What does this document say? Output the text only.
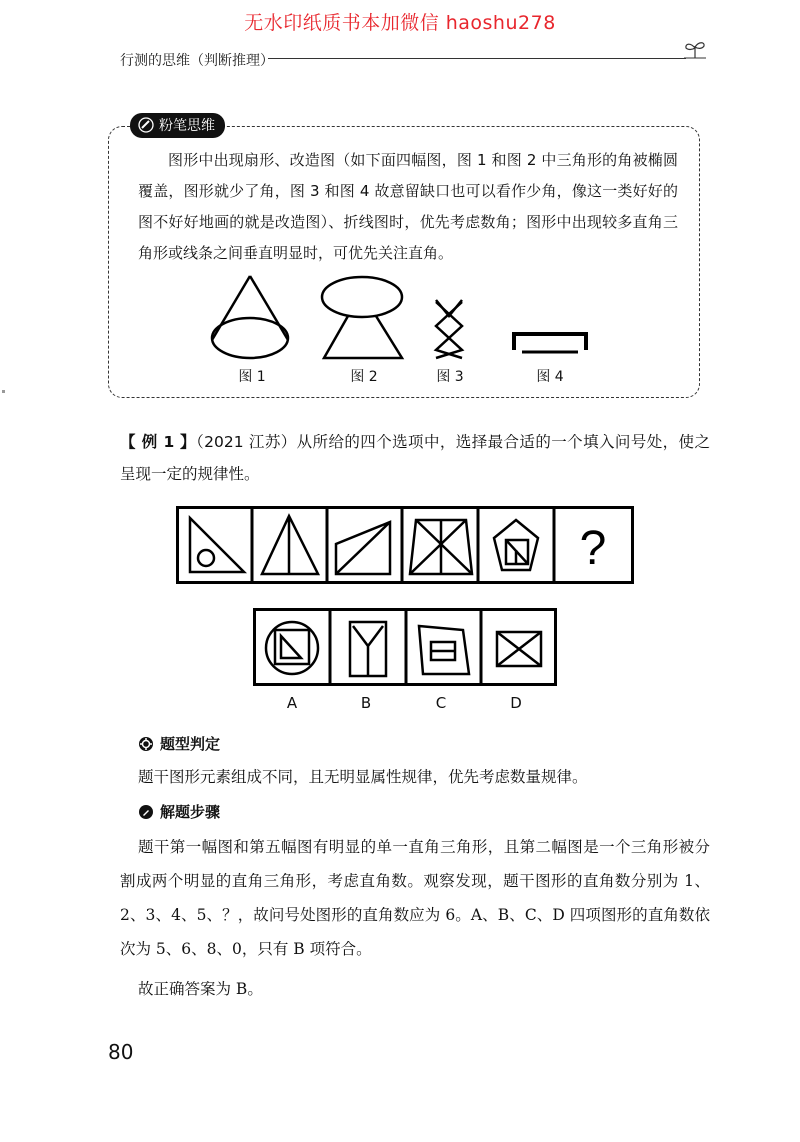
无水印纸质书本加微信 haoshu278
行测的思维（判断推理）
粉笔思维
图形中出现扇形、改造图（如下面四幅图，图 1 和图 2 中三角形的角被椭圆覆盖，图形就少了角，图 3 和图 4 故意留缺口也可以看作少角，像这一类好好的图不好好地画的就是改造图）、折线图时，优先考虑数角；图形中出现较多直角三角形或线条之间垂直明显时，可优先关注直角。
图 1	图 2	图 3	图 4
【 例 1 】（2021 江苏）从所给的四个选项中，选择最合适的一个填入问号处，使之呈现一定的规律性。
?
A	B	C	D
题型判定
题干图形元素组成不同，且无明显属性规律，优先考虑数量规律。
解题步骤
题干第一幅图和第五幅图有明显的单一直角三角形，且第二幅图是一个三角形被分割成两个明显的直角三角形，考虑直角数。观察发现，题干图形的直角数分别为 1、2、3、4、5、？，故问号处图形的直角数应为 6。A、B、C、D 四项图形的直角数依次为 5、6、8、0，只有 B 项符合。
故正确答案为 B。
80
